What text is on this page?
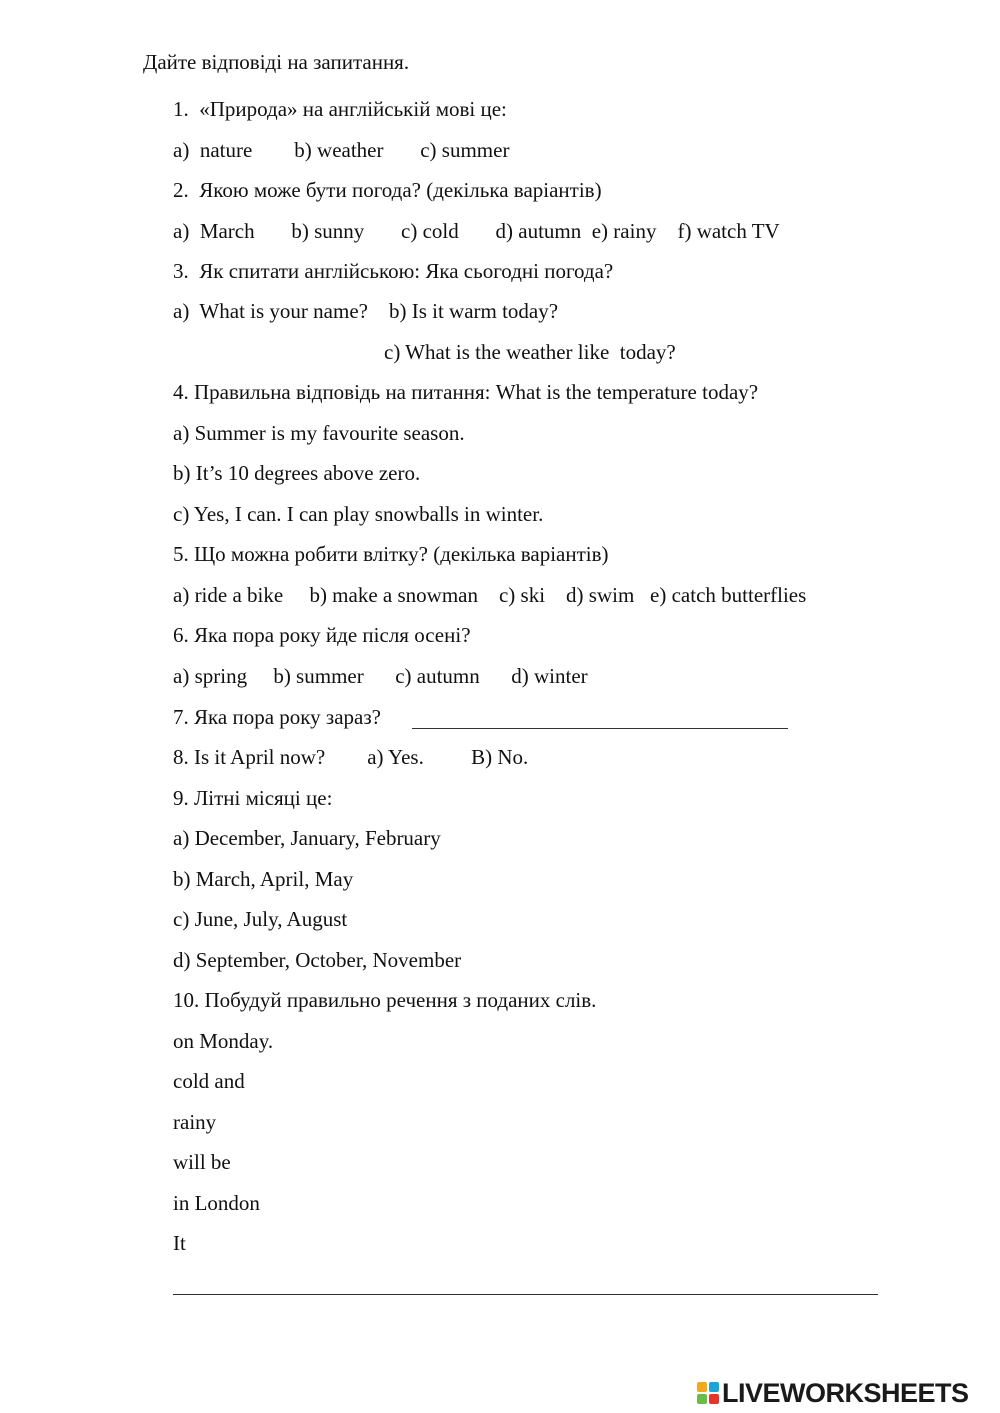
Дайте відповіді на запитання.
1.  «Природа» на англійській мові це:
a)  nature        b) weather       c) summer
2.  Якою може бути погода? (декілька варіантів)
a)  March       b) sunny       c) cold       d) autumn  e) rainy    f) watch TV
3.  Як спитати англійською: Яка сьогодні погода?
a)  What is your name?    b) Is it warm today?
c) What is the weather like  today?
4. Правильна відповідь на питання: What is the temperature today?
a) Summer is my favourite season.
b) It’s 10 degrees above zero.
c) Yes, I can. I can play snowballs in winter.
5. Що можна робити влітку? (декілька варіантів)
a) ride a bike     b) make a snowman    c) ski    d) swim   e) catch butterflies
6. Яка пора року йде після осені?
a) spring     b) summer      c) autumn      d) winter
7. Яка пора року зараз?
8. Is it April now?        a) Yes.         B) No.
9. Літні місяці це:
a) December, January, February
b) March, April, May
c) June, July, August
d) September, October, November
10. Побудуй правильно речення з поданих слів.
on Monday.
cold and
rainy
will be
in London
It
LIVEWORKSHEETS
